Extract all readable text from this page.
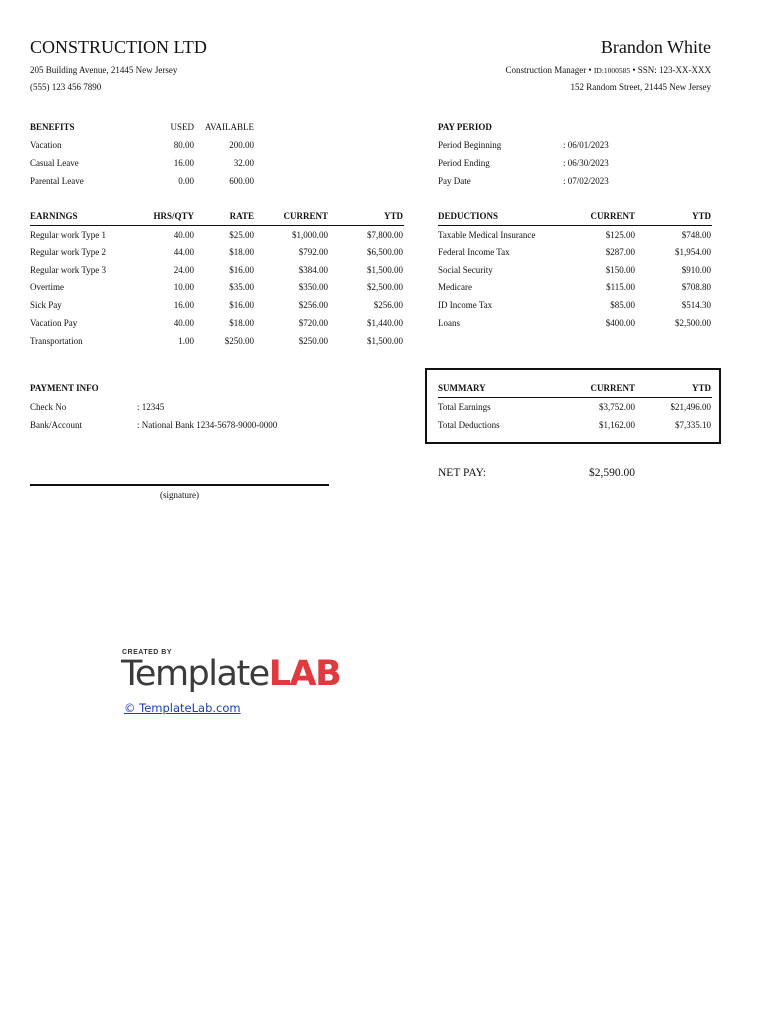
CONSTRUCTION LTD
205 Building Avenue, 21445 New Jersey
(555) 123 456 7890
Brandon White
Construction Manager • ID:1000585 • SSN: 123-XX-XXX
152 Random Street, 21445 New Jersey
BENEFITS	USED	AVAILABLE
Vacation	80.00	200.00
Casual Leave	16.00	32.00
Parental Leave	0.00	600.00
PAY PERIOD
Period Beginning	: 06/01/2023
Period Ending	: 06/30/2023
Pay Date	: 07/02/2023
EARNINGS	HRS/QTY	RATE	CURRENT	YTD
Regular work Type 1	40.00	$25.00	$1,000.00	$7,800.00
Regular work Type 2	44.00	$18.00	$792.00	$6,500.00
Regular work Type 3	24.00	$16.00	$384.00	$1,500.00
Overtime	10.00	$35.00	$350.00	$2,500.00
Sick Pay	16.00	$16.00	$256.00	$256.00
Vacation Pay	40.00	$18.00	$720.00	$1,440.00
Transportation	1.00	$250.00	$250.00	$1,500.00
DEDUCTIONS	CURRENT	YTD
Taxable Medical Insurance	$125.00	$748.00
Federal Income Tax	$287.00	$1,954.00
Social Security	$150.00	$910.00
Medicare	$115.00	$708.80
ID Income Tax	$85.00	$514.30
Loans	$400.00	$2,500.00
PAYMENT INFO
Check No	: 12345
Bank/Account	: National Bank 1234-5678-9000-0000
SUMMARY	CURRENT	YTD
Total Earnings	$3,752.00	$21,496.00
Total Deductions	$1,162.00	$7,335.10
NET PAY:	$2,590.00
(signature)
CREATED BY
TemplateLAB
© TemplateLab.com
